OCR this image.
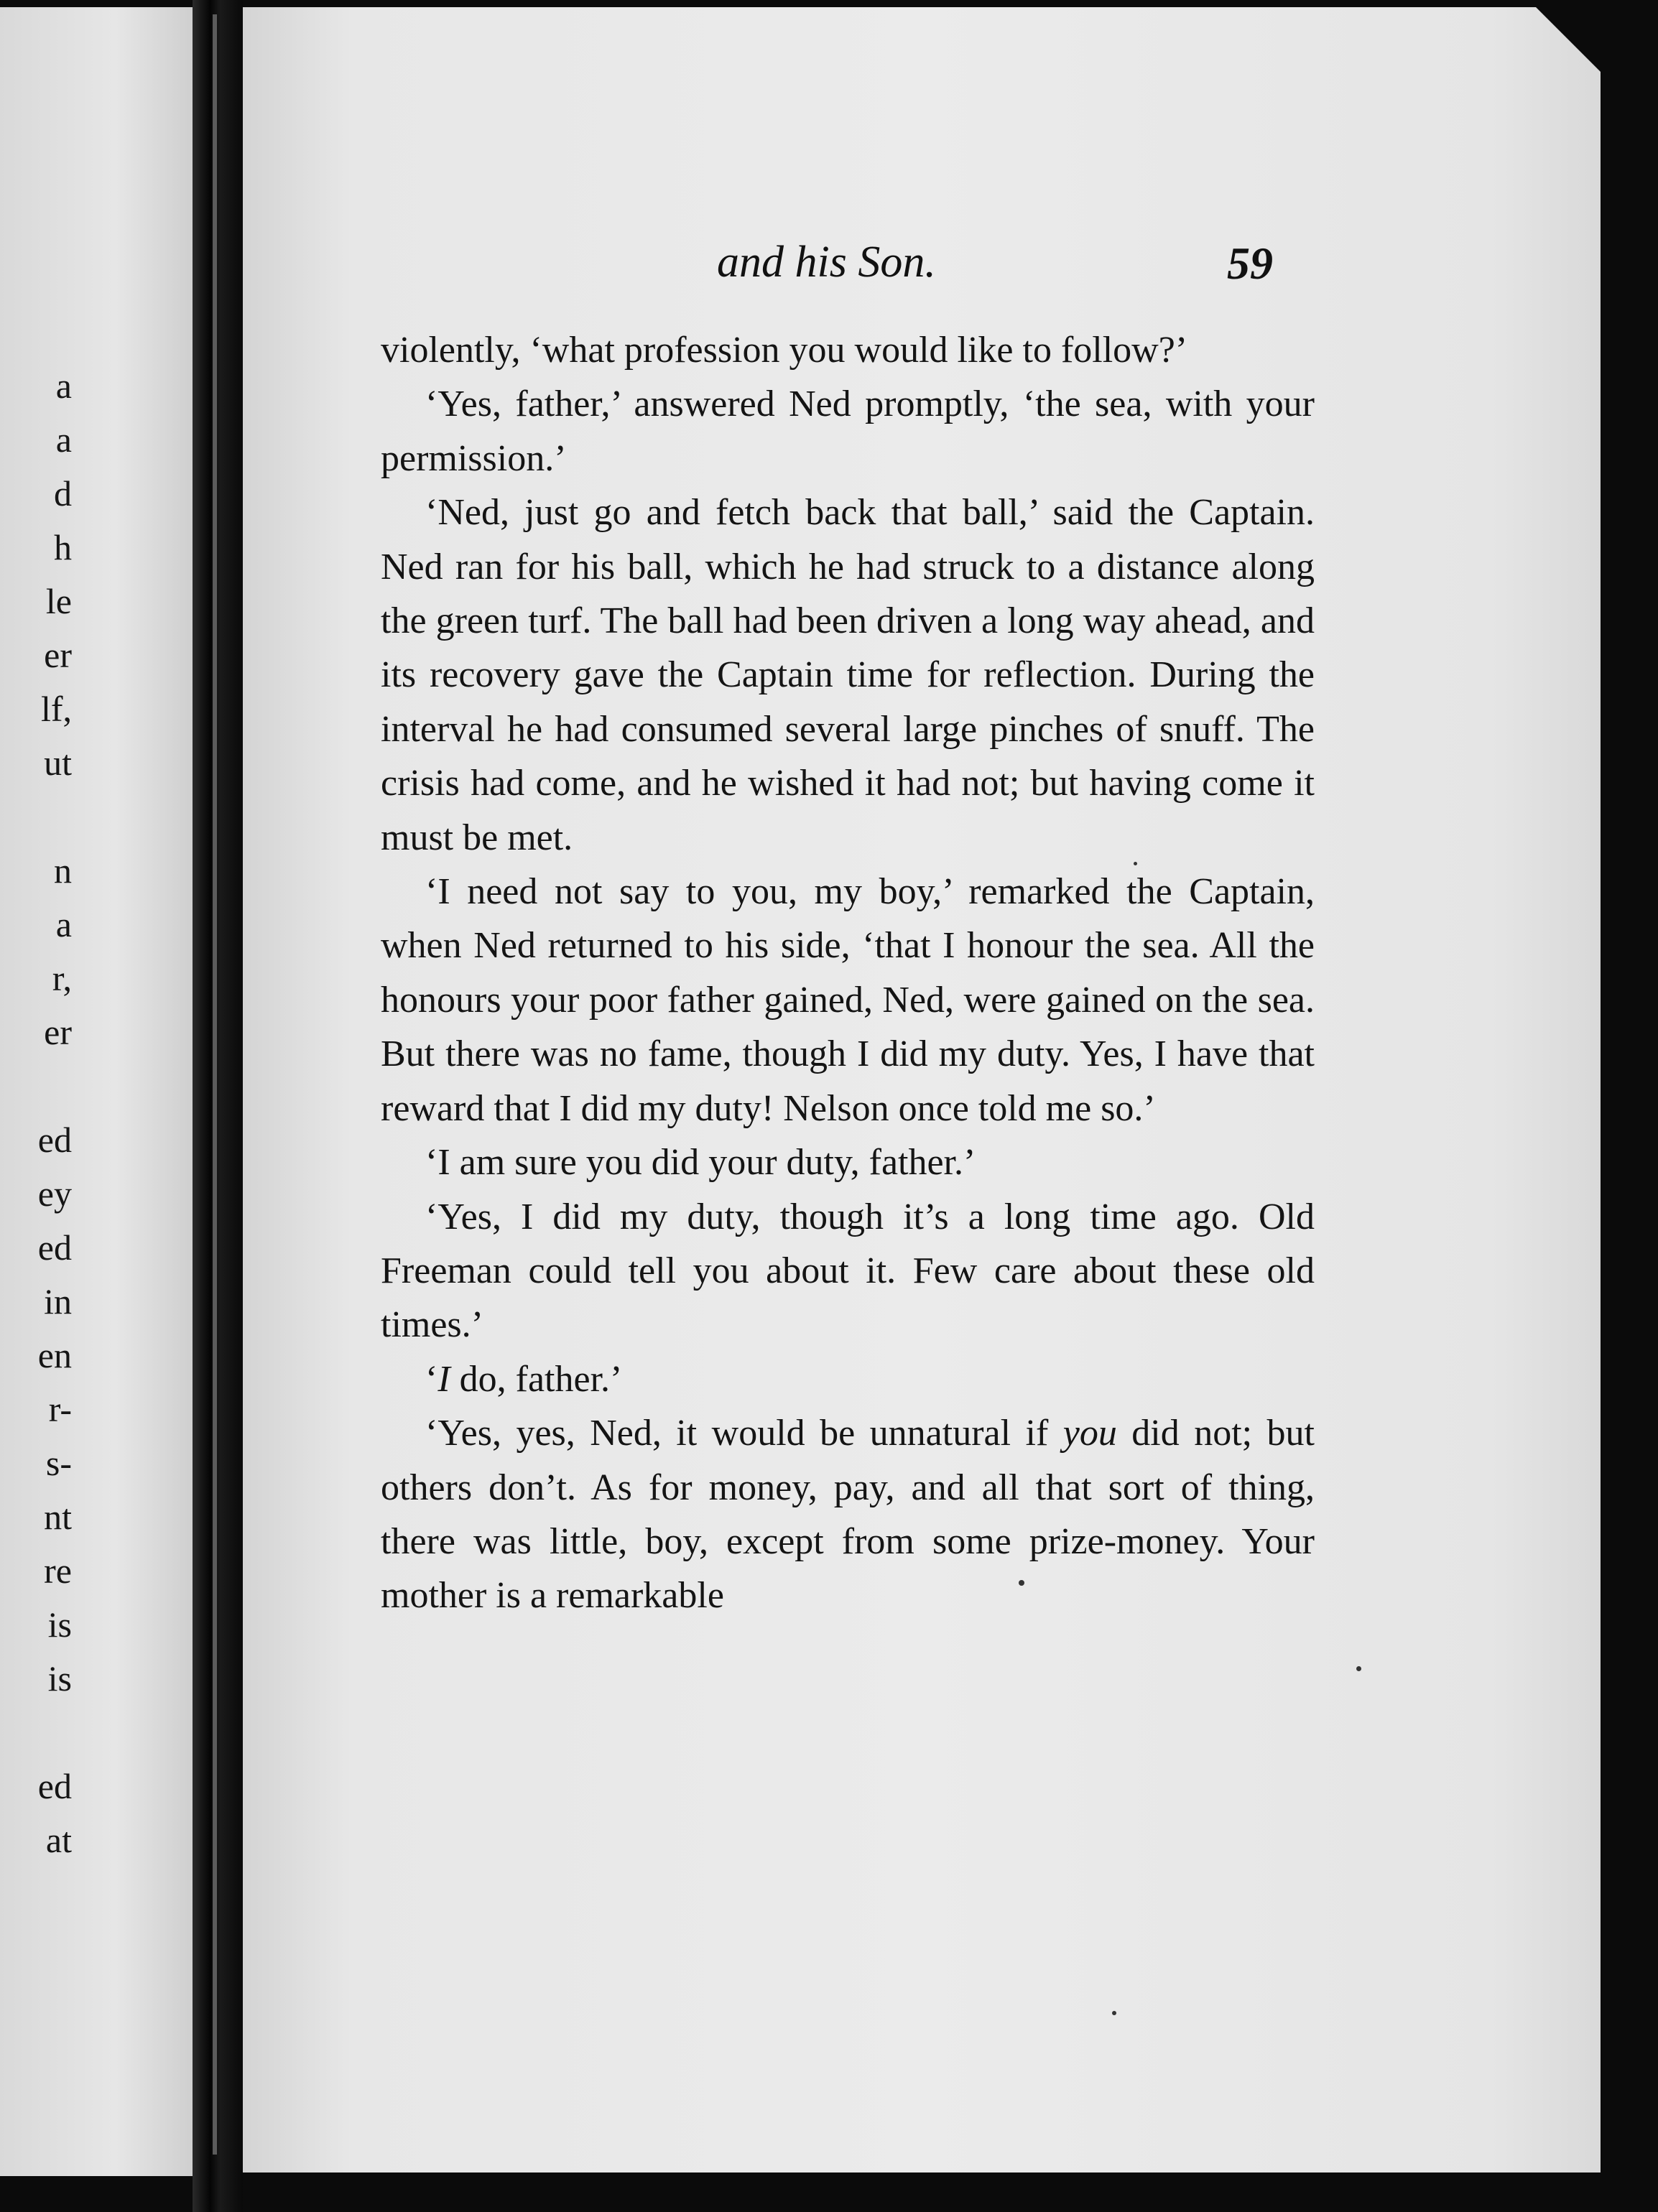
a
a
d
h
le
er
lf,
ut
n
a
r,
er
ed
ey
ed
in
en
r-
s-
nt
re
is
is
ed
at
and his Son.	59

violently, ‘what profession you would like to follow?’

‘Yes, father,’ answered Ned promptly, ‘the sea, with your permission.’

‘Ned, just go and fetch back that ball,’ said the Captain. Ned ran for his ball, which he had struck to a distance along the green turf. The ball had been driven a long way ahead, and its recovery gave the Captain time for reflection. During the interval he had consumed several large pinches of snuff. The crisis had come, and he wished it had not; but having come it must be met.

‘I need not say to you, my boy,’ remarked the Captain, when Ned returned to his side, ‘that I honour the sea. All the honours your poor father gained, Ned, were gained on the sea. But there was no fame, though I did my duty. Yes, I have that reward that I did my duty! Nelson once told me so.’

‘I am sure you did your duty, father.’

‘Yes, I did my duty, though it’s a long time ago. Old Freeman could tell you about it. Few care about these old times.’

‘I do, father.’

‘Yes, yes, Ned, it would be unnatural if you did not; but others don’t. As for money, pay, and all that sort of thing, there was little, boy, except from some prize-money. Your mother is a remarkable
